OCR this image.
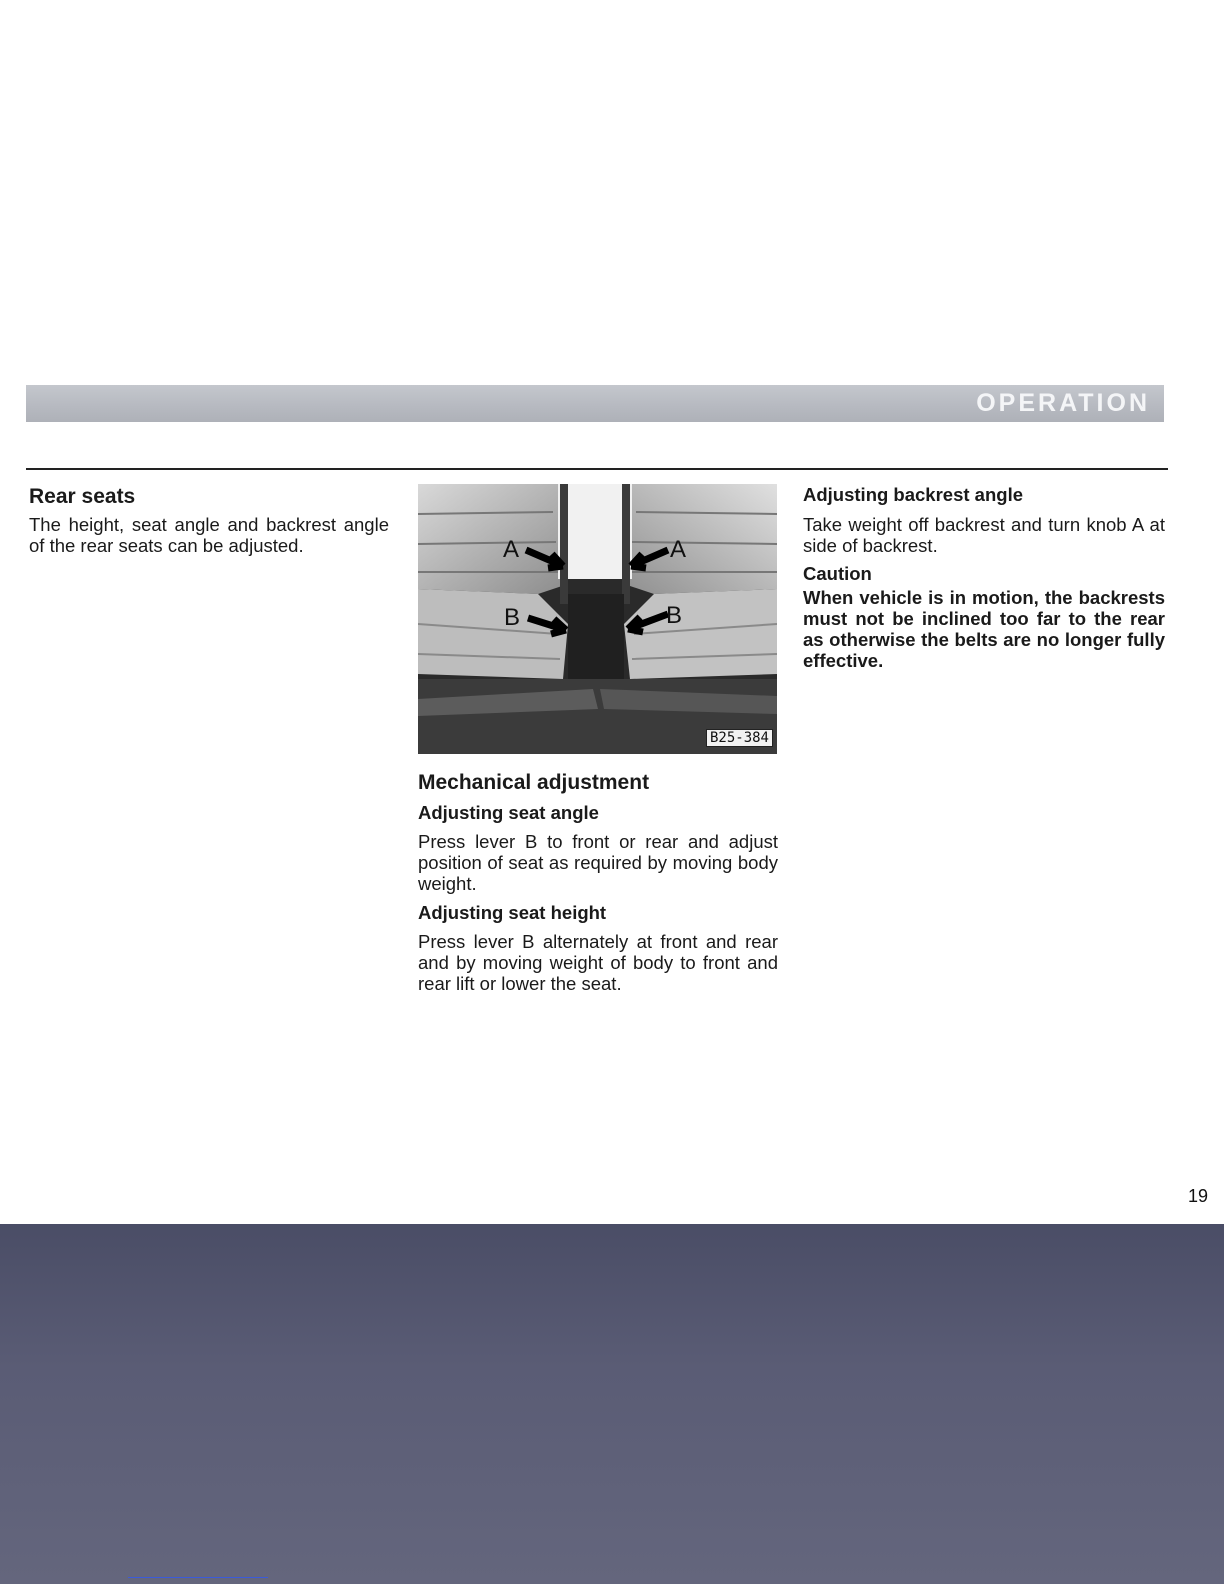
OPERATION
Rear seats

The height, seat angle and backrest angle of the rear seats can be adjusted.	A	A
B	B
B25-384
Mechanical adjustment
Adjusting seat angle

Press lever B to front or rear and adjust position of seat as required by moving body weight.

Adjusting seat height

Press lever B alternately at front and rear and by moving weight of body to front and rear lift or lower the seat.

Adjusting backrest angle

Take weight off backrest and turn knob A at side of backrest.

Caution

When vehicle is in motion, the backrests must not be inclined too far to the rear as otherwise the belts are no longer fully effective.

19
